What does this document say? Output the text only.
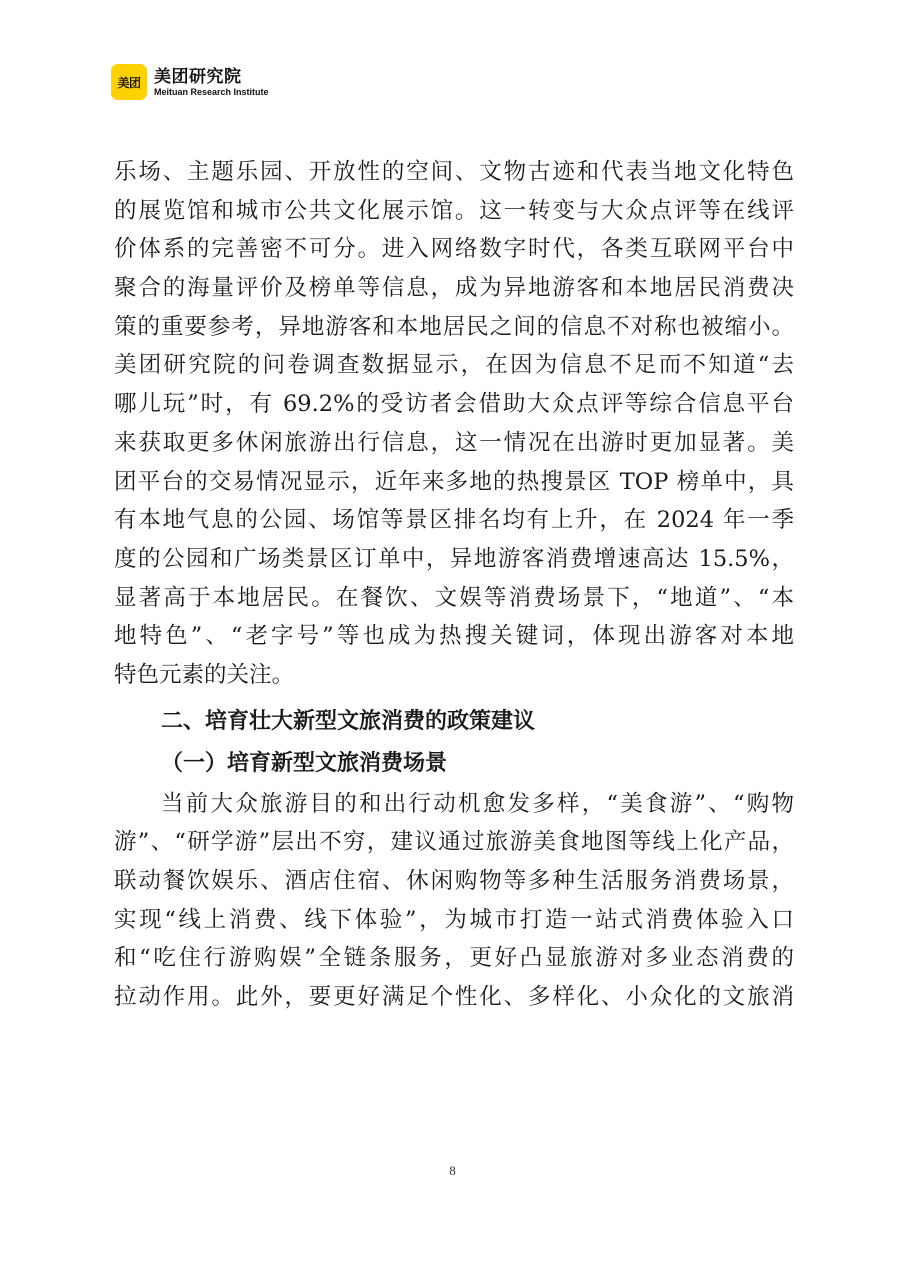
美团 美团研究院
Meituan Research Institute
乐场、主题乐园、开放性的空间、文物古迹和代表当地文化特色
的展览馆和城市公共文化展示馆。这一转变与大众点评等在线评
价体系的完善密不可分。进入网络数字时代，各类互联网平台中
聚合的海量评价及榜单等信息，成为异地游客和本地居民消费决
策的重要参考，异地游客和本地居民之间的信息不对称也被缩小。
美团研究院的问卷调查数据显示，在因为信息不足而不知道“去
哪儿玩”时，有 69.2%的受访者会借助大众点评等综合信息平台
来获取更多休闲旅游出行信息，这一情况在出游时更加显著。美
团平台的交易情况显示，近年来多地的热搜景区 TOP 榜单中，具
有本地气息的公园、场馆等景区排名均有上升，在 2024 年一季
度的公园和广场类景区订单中，异地游客消费增速高达 15.5%，
显著高于本地居民。在餐饮、文娱等消费场景下，“地道”、“本
地特色”、“老字号”等也成为热搜关键词，体现出游客对本地
特色元素的关注。
二、培育壮大新型文旅消费的政策建议
（一）培育新型文旅消费场景
当前大众旅游目的和出行动机愈发多样，“美食游”、“购物
游”、“研学游”层出不穷，建议通过旅游美食地图等线上化产品，
联动餐饮娱乐、酒店住宿、休闲购物等多种生活服务消费场景，
实现“线上消费、线下体验”，为城市打造一站式消费体验入口
和“吃住行游购娱”全链条服务，更好凸显旅游对多业态消费的
拉动作用。此外，要更好满足个性化、多样化、小众化的文旅消
8
